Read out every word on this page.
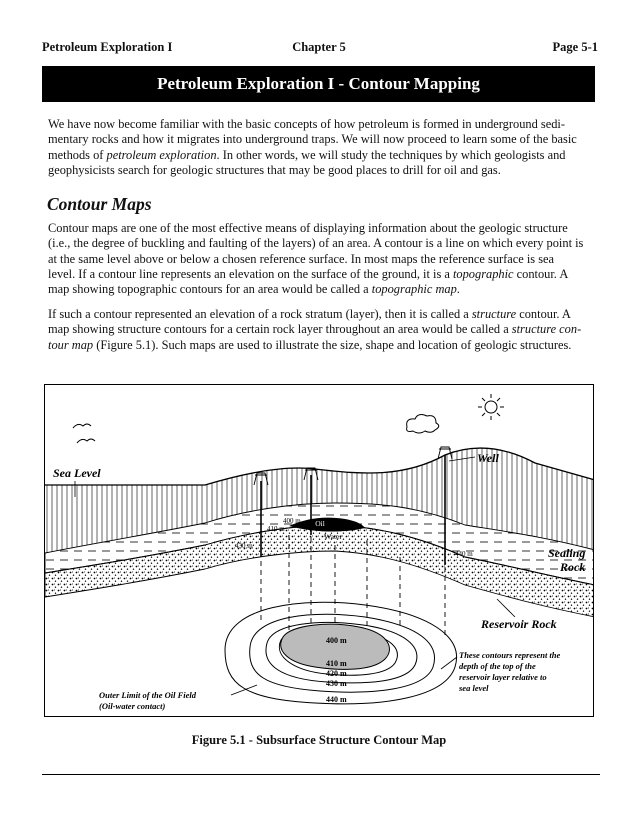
Petroleum Exploration I	Chapter 5	Page 5-1
Petroleum Exploration I - Contour Mapping
We have now become familiar with the basic concepts of how petroleum is formed in underground sedi-
mentary rocks and how it migrates into underground traps. We will now proceed to learn some of the basic
methods of petroleum exploration. In other words, we will study the techniques by which geologists and
geophysicists search for geologic structures that may be good places to drill for oil and gas.
Contour Maps
Contour maps are one of the most effective means of displaying information about the geologic structure
(i.e., the degree of buckling and faulting of the layers) of an area. A contour is a line on which every point is
at the same level above or below a chosen reference surface. In most maps the reference surface is sea
level. If a contour line represents an elevation on the surface of the ground, it is a topographic contour. A
map showing topographic contours for an area would be called a topographic map.
If such a contour represented an elevation of a rock stratum (layer), then it is called a structure contour. A
map showing structure contours for a certain rock layer throughout an area would be called a structure con-
tour map (Figure 5.1). Such maps are used to illustrate the size, shape and location of geologic structures.
Oil
Water
400 m
410 m
430 m
440 m
Well
Sea Level
Sealing
Rock
Reservoir Rock
400 m
410 m
420 m
430 m
440 m
These contours represent the
depth of the top of the
reservoir layer relative to
sea level
Outer Limit of the Oil Field
(Oil-water contact)
Figure 5.1 - Subsurface Structure Contour Map
